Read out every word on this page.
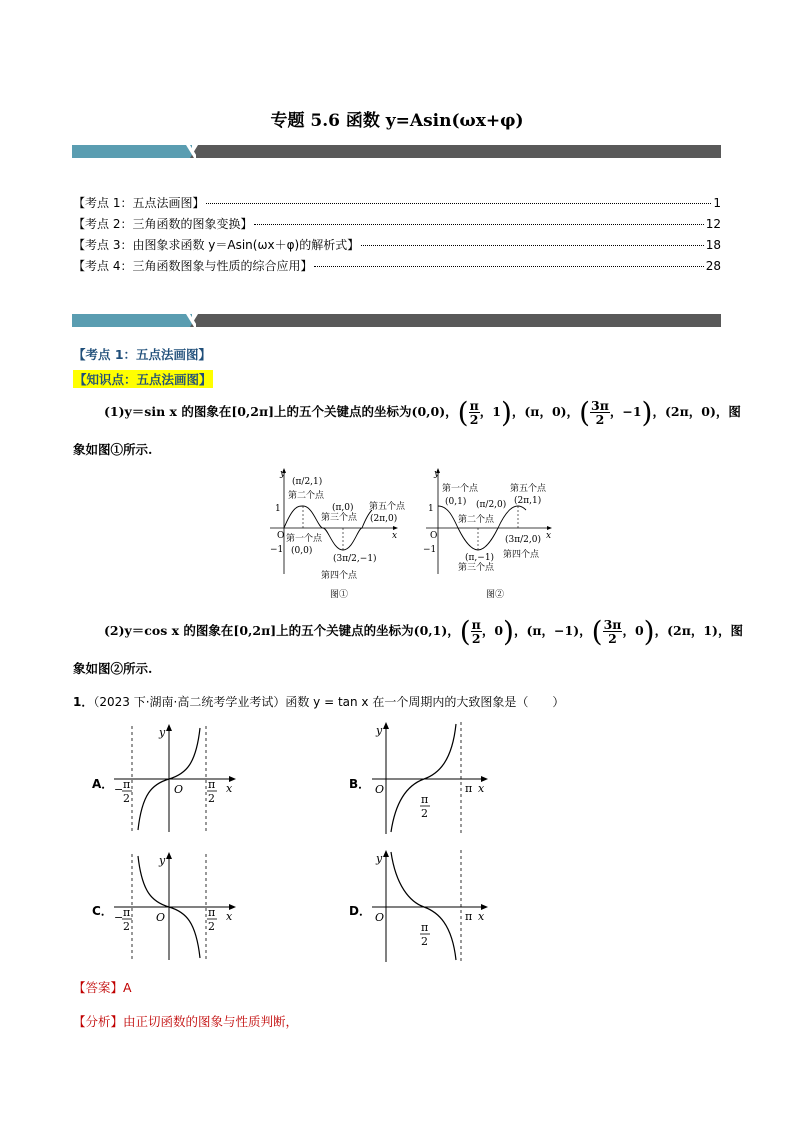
专题 5.6 函数 y=Asin(ωx+φ)
【考点 1：五点法画图】	1
【考点 2：三角函数的图象变换】	12
【考点 3：由图象求函数 y＝Asin(ωx＋φ)的解析式】	18
【考点 4：三角函数图象与性质的综合应用】	28
【考点 1：五点法画图】
【知识点：五点法画图】
(1)y＝sin x 的图象在[0,2π]上的五个关键点的坐标为(0,0)，( $\frac{\pi}{2}$ ，1)，(π，0)，( $\frac{3\pi}{2}$ ，−1)，(2π，0)，图
象如图①所示.
y
x
O
1
−1
(π/2,1)
第二个点
(π,0)
第三个点
第五个点
(2π,0)
第一个点
(0,0)
(3π/2,−1)
第四个点
图①
y
x
O
1
−1
第一个点
(0,1) (π/2,0)
第二个点
第五个点
(2π,1)
(π,−1)
第三个点
(3π/2,0)
第四个点
图②
(2)y＝cos x 的图象在[0,2π]上的五个关键点的坐标为(0,1)，( $\frac{\pi}{2}$ ，0)，(π，−1)，( $\frac{3\pi}{2}$ ，0)，(2π，1)，图
象如图②所示.
1．（2023 下·湖南·高二统考学业考试）函数 y = tan x 在一个周期内的大致图象是（　　）
A．
y
x
O
− π
2
π
2
B．
y
x
O
π
2
π
C．
y
x
O
− π
2
π
2
D．
y
x
O
π
2
π
【答案】A
【分析】由正切函数的图象与性质判断，
